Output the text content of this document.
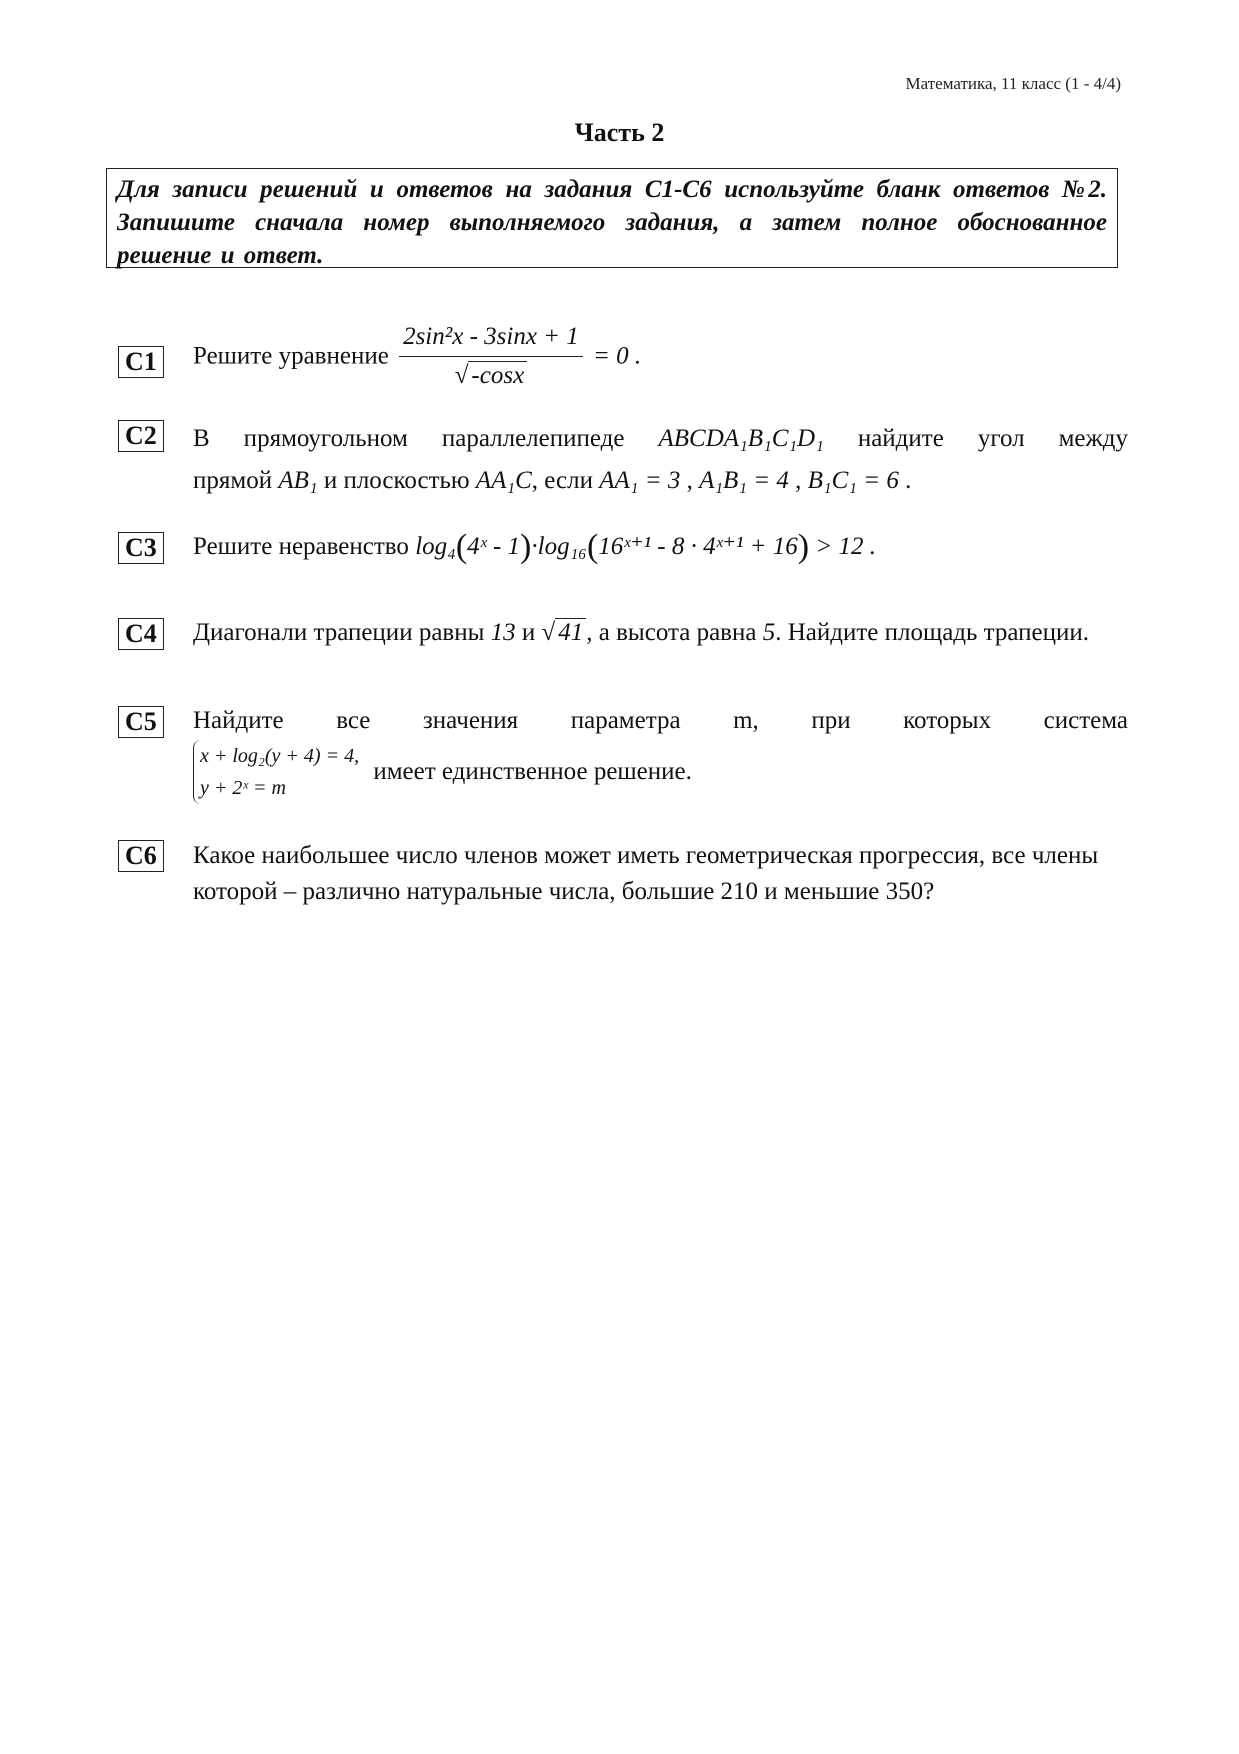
Математика, 11 класс (1 - 4/4)
Часть 2
Для записи решений и ответов на задания С1-С6 используйте бланк ответов №2. Запишите сначала номер выполняемого задания, а затем полное обоснованное решение и ответ.
С1 Решите уравнение $\frac{\text{2sin²x - 3sinx + 1}}{√ -\cos x} = 0$ .
С2 В прямоугольном параллелепипеде ABCDA₁B₁C₁D₁ найдите угол между
прямой AB₁ и плоскостью AA₁C, если AA₁ = 3 , A₁B₁ = 4 , B₁C₁ = 6 .
С3 Решите неравенство log₄(4ˣ - 1)·log₁₆(16ˣ⁺¹ - 8 · 4ˣ⁺¹ + 16) > 12 .
С4 Диагонали трапеции равны 13 и √ 41 , а высота равна 5. Найдите площадь трапеции.
С5 Найдите все значения параметра m, при которых система
x + log₂(y + 4) = 4,
y + 2ˣ = m
имеет единственное решение.
С6 Какое наибольшее число членов может иметь геометрическая прогрессия, все члены которой – различно натуральные числа, большие 210 и меньшие 350?
